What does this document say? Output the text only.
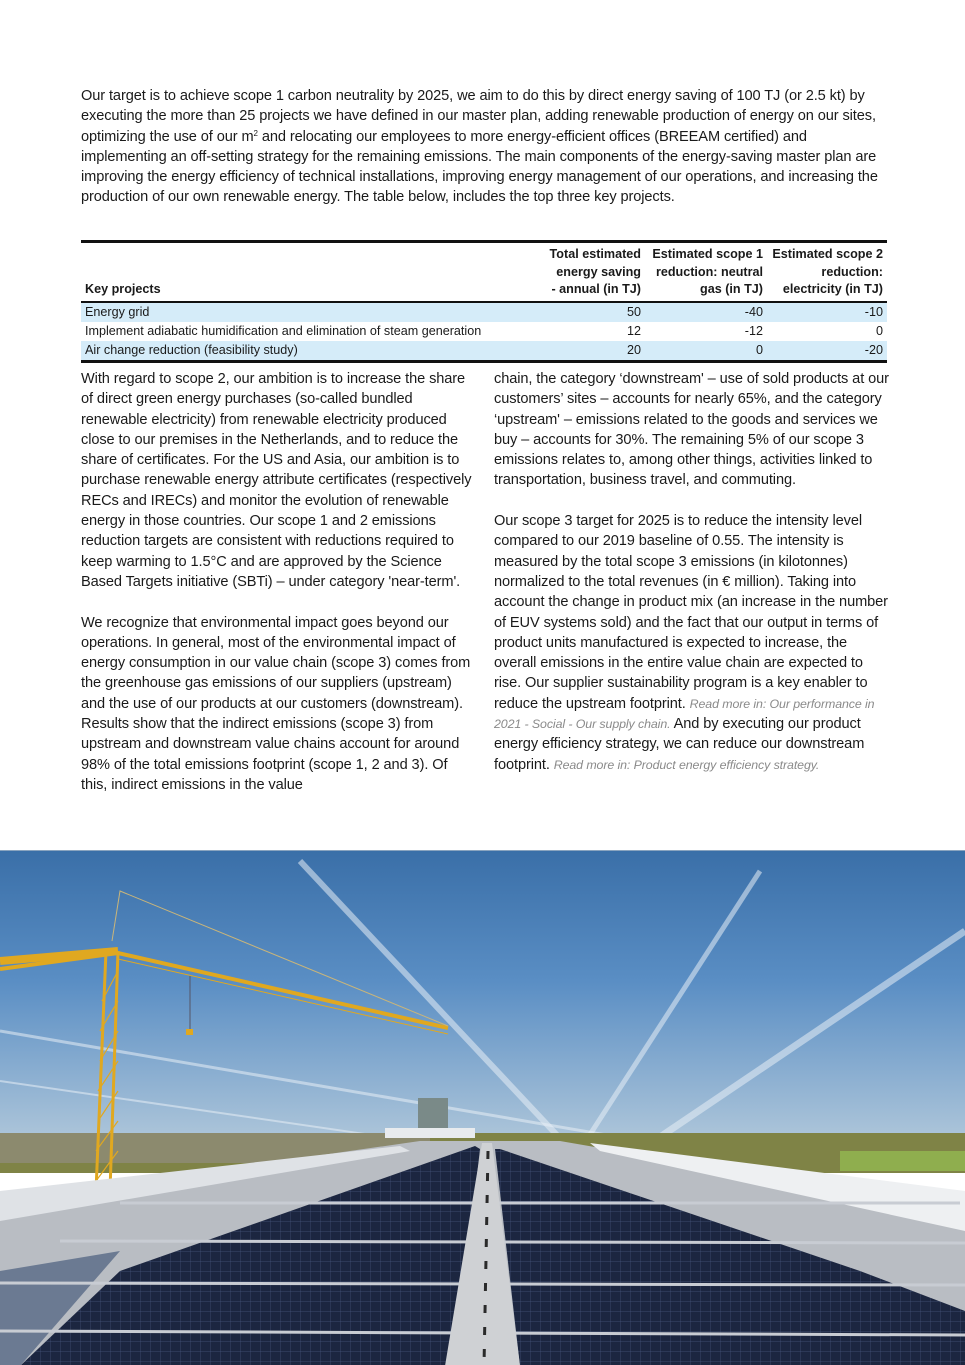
Our target is to achieve scope 1 carbon neutrality by 2025, we aim to do this by direct energy saving of 100 TJ (or 2.5 kt) by executing the more than 25 projects we have defined in our master plan, adding renewable production of energy on our sites, optimizing the use of our $m^2$ and relocating our employees to more energy-efficient offices (BREEAM certified) and implementing an off-setting strategy for the remaining emissions. The main components of the energy-saving master plan are improving the energy efficiency of technical installations, improving energy management of our operations, and increasing the production of our own renewable energy. The table below, includes the top three key projects.
Key projects	Total estimated energy saving - annual (in TJ)	Estimated scope 1 reduction: neutral gas (in TJ)	Estimated scope 2 reduction: electricity (in TJ)
Energy grid	50	-40	-10
Implement adiabatic humidification and elimination of steam generation	12	-12	0
Air change reduction (feasibility study)	20	0	-20

With regard to scope 2, our ambition is to increase the share of direct green energy purchases (so-called bundled renewable electricity) from renewable electricity produced close to our premises in the Netherlands, and to reduce the share of certificates. For the US and Asia, our ambition is to purchase renewable energy attribute certificates (respectively RECs and IRECs) and monitor the evolution of renewable energy in those countries. Our scope 1 and 2 emissions reduction targets are consistent with reductions required to keep warming to 1.5°C and are approved by the Science Based Targets initiative (SBTi) – under category 'near-term'.

We recognize that environmental impact goes beyond our operations. In general, most of the environmental impact of energy consumption in our value chain (scope 3) comes from the greenhouse gas emissions of our suppliers (upstream) and the use of our products at our customers (downstream). Results show that the indirect emissions (scope 3) from upstream and downstream value chains account for around 98% of the total emissions footprint (scope 1, 2 and 3). Of this, indirect emissions in the value

chain, the category ‘downstream' – use of sold products at our customers’ sites – accounts for nearly 65%, and the category ‘upstream' – emissions related to the goods and services we buy – accounts for 30%. The remaining 5% of our scope 3 emissions relates to, among other things, activities linked to transportation, business travel, and commuting.

Our scope 3 target for 2025 is to reduce the intensity level compared to our 2019 baseline of 0.55. The intensity is measured by the total scope 3 emissions (in kilotonnes) normalized to the total revenues (in € million). Taking into account the change in product mix (an increase in the number of EUV systems sold) and the fact that our output in terms of product units manufactured is expected to increase, the overall emissions in the entire value chain are expected to rise. Our supplier sustainability program is a key enabler to reduce the upstream footprint. Read more in: Our performance in 2021 - Social - Our supply chain. And by executing our product energy efficiency strategy, we can reduce our downstream footprint. Read more in: Product energy efficiency strategy.
